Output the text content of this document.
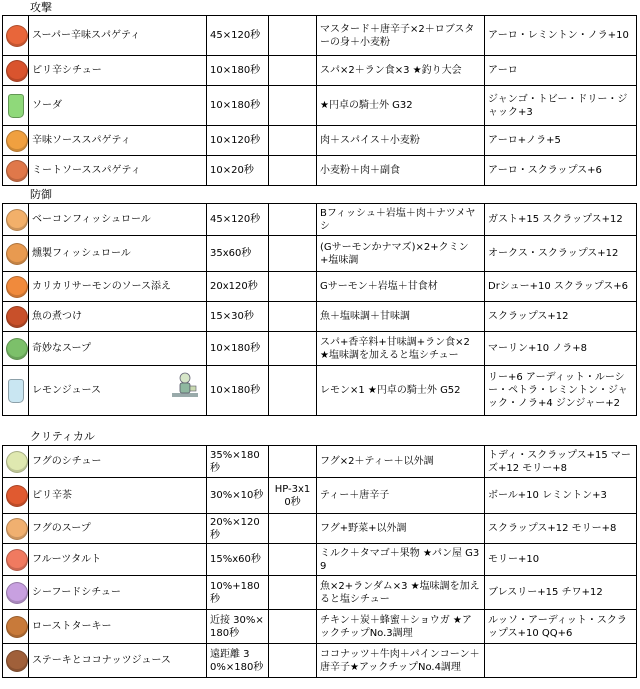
攻撃
	スーパー辛味スパゲティ	45×120秒		マスタード＋唐辛子×2＋ロブスターの身＋小麦粉	アーロ・レミントン・ノラ+10
	ピリ辛シチュー	10×180秒		スパ×2＋ラン食×3 ★釣り大会	アーロ
	ソーダ	10×180秒		★円卓の騎士外 G32	ジャンゴ・トビー・ドリー・ジャック+3
	辛味ソーススパゲティ	10×120秒		肉＋スパイス＋小麦粉	アーロ+ノラ+5
	ミートソーススパゲティ	10×20秒		小麦粉＋肉＋副食	アーロ・スクラップス+6
防御
	ベーコンフィッシュロール	45×120秒		Bフィッシュ＋岩塩＋肉＋ナツメヤシ	ガスト+15 スクラップス+12
	燻製フィッシュロール	35x60秒		(Gサーモンかナマズ)×2+クミン+塩味調	オークス・スクラップス+12
	カリカリサーモンのソース添え	20x120秒		Gサーモン＋岩塩＋甘食材	Drシュー+10 スクラップス+6
	魚の煮つけ	15×30秒		魚＋塩味調＋甘味調	スクラップス+12
	奇妙なスープ	10×180秒		スパ+香辛料+甘味調+ラン食×2 ★塩味調を加えると塩シチュー	マーリン+10 ノラ+8
	レモンジュース	10×180秒		レモン×1 ★円卓の騎士外 G52	リー+6 アーディット・ルーシー・ペトラ・レミントン・ジャック・ノラ+4 ジンジャー+2
クリティカル
	フグのシチュー	35%×180秒		フグ×2＋ティー＋以外調	トディ・スクラップス+15 マーズ+12 モリー+8
	ピリ辛茶	30%×10秒	HP-3x10秒	ティー＋唐辛子	ボール+10 レミントン+3
	フグのスープ	20%×120秒		フグ+野菜+以外調	スクラップス+12 モリー+8
	フルーツタルト	15%x60秒		ミルク＋タマゴ＋果物 ★パン屋 G39	モリー+10
	シーフードシチュー	10%+180秒		魚×2+ランダム×3 ★塩味調を加えると塩シチュー	ブレスリー+15 チワ+12
	ローストターキー	近接 30%×180秒		チキン＋炭＋蜂蜜＋ショウガ ★アックチップNo.3調理	ルッソ・アーディット・スクラップス+10 QQ+6
	ステーキとココナッツジュース	遠距離 30%×180秒		ココナッツ＋牛肉＋パインコーン＋唐辛子★アックチップNo.4調理	
